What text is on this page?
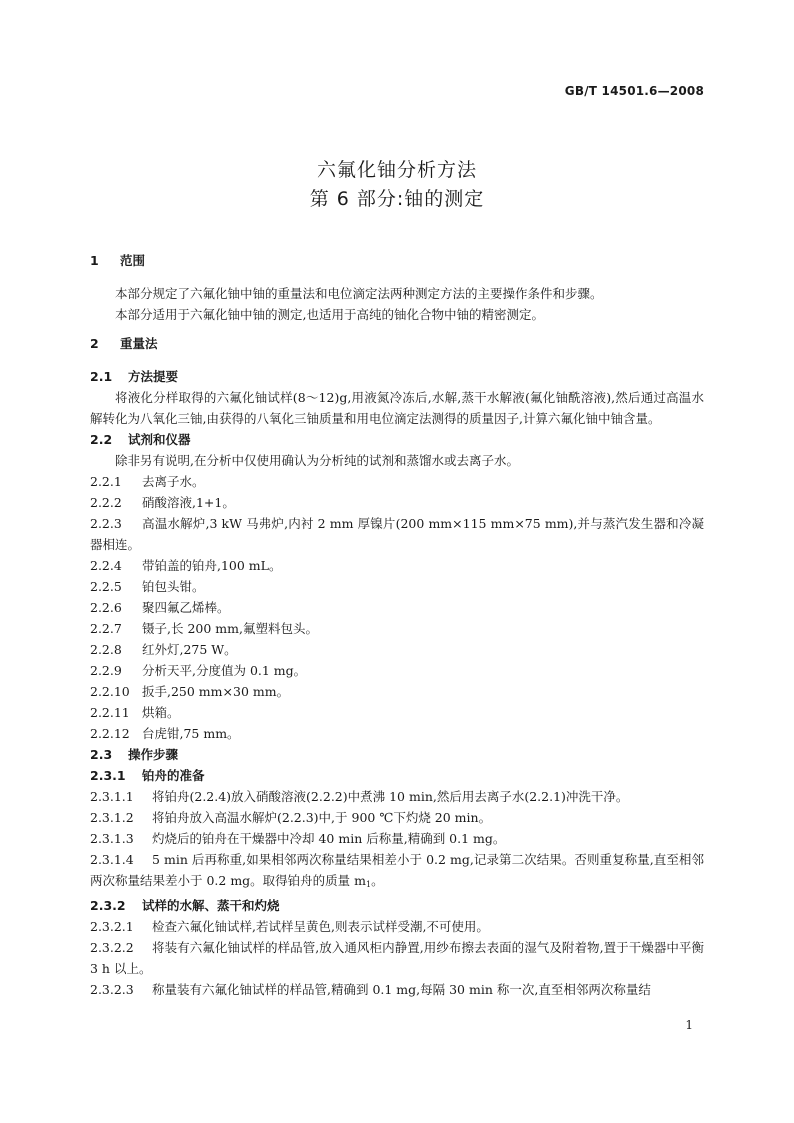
GB/T 14501.6—2008
六氟化铀分析方法
第 6 部分:铀的测定
1 范围
本部分规定了六氟化铀中铀的重量法和电位滴定法两种测定方法的主要操作条件和步骤。
本部分适用于六氟化铀中铀的测定,也适用于高纯的铀化合物中铀的精密测定。
2 重量法
2.1 方法提要
将液化分样取得的六氟化铀试样(8～12)g,用液氮冷冻后,水解,蒸干水解液(氟化铀酰溶液),然后通过高温水解转化为八氧化三铀,由获得的八氧化三铀质量和用电位滴定法测得的质量因子,计算六氟化铀中铀含量。
2.2 试剂和仪器
除非另有说明,在分析中仅使用确认为分析纯的试剂和蒸馏水或去离子水。
2.2.1 去离子水。
2.2.2 硝酸溶液,1+1。
2.2.3 高温水解炉,3 kW 马弗炉,内衬 2 mm 厚镍片(200 mm×115 mm×75 mm),并与蒸汽发生器和冷凝器相连。
2.2.4 带铂盖的铂舟,100 mL。
2.2.5 铂包头钳。
2.2.6 聚四氟乙烯棒。
2.2.7 镊子,长 200 mm,氟塑料包头。
2.2.8 红外灯,275 W。
2.2.9 分析天平,分度值为 0.1 mg。
2.2.10 扳手,250 mm×30 mm。
2.2.11 烘箱。
2.2.12 台虎钳,75 mm。
2.3 操作步骤
2.3.1 铂舟的准备
2.3.1.1 将铂舟(2.2.4)放入硝酸溶液(2.2.2)中煮沸 10 min,然后用去离子水(2.2.1)冲洗干净。
2.3.1.2 将铂舟放入高温水解炉(2.2.3)中,于 900 ℃下灼烧 20 min。
2.3.1.3 灼烧后的铂舟在干燥器中冷却 40 min 后称量,精确到 0.1 mg。
2.3.1.4 5 min 后再称重,如果相邻两次称量结果相差小于 0.2 mg,记录第二次结果。否则重复称量,直至相邻两次称量结果差小于 0.2 mg。取得铂舟的质量 $m_1$。
2.3.2 试样的水解、蒸干和灼烧
2.3.2.1 检查六氟化铀试样,若试样呈黄色,则表示试样受潮,不可使用。
2.3.2.2 将装有六氟化铀试样的样品管,放入通风柜内静置,用纱布擦去表面的湿气及附着物,置于干燥器中平衡 3 h 以上。
2.3.2.3 称量装有六氟化铀试样的样品管,精确到 0.1 mg,每隔 30 min 称一次,直至相邻两次称量结
1
